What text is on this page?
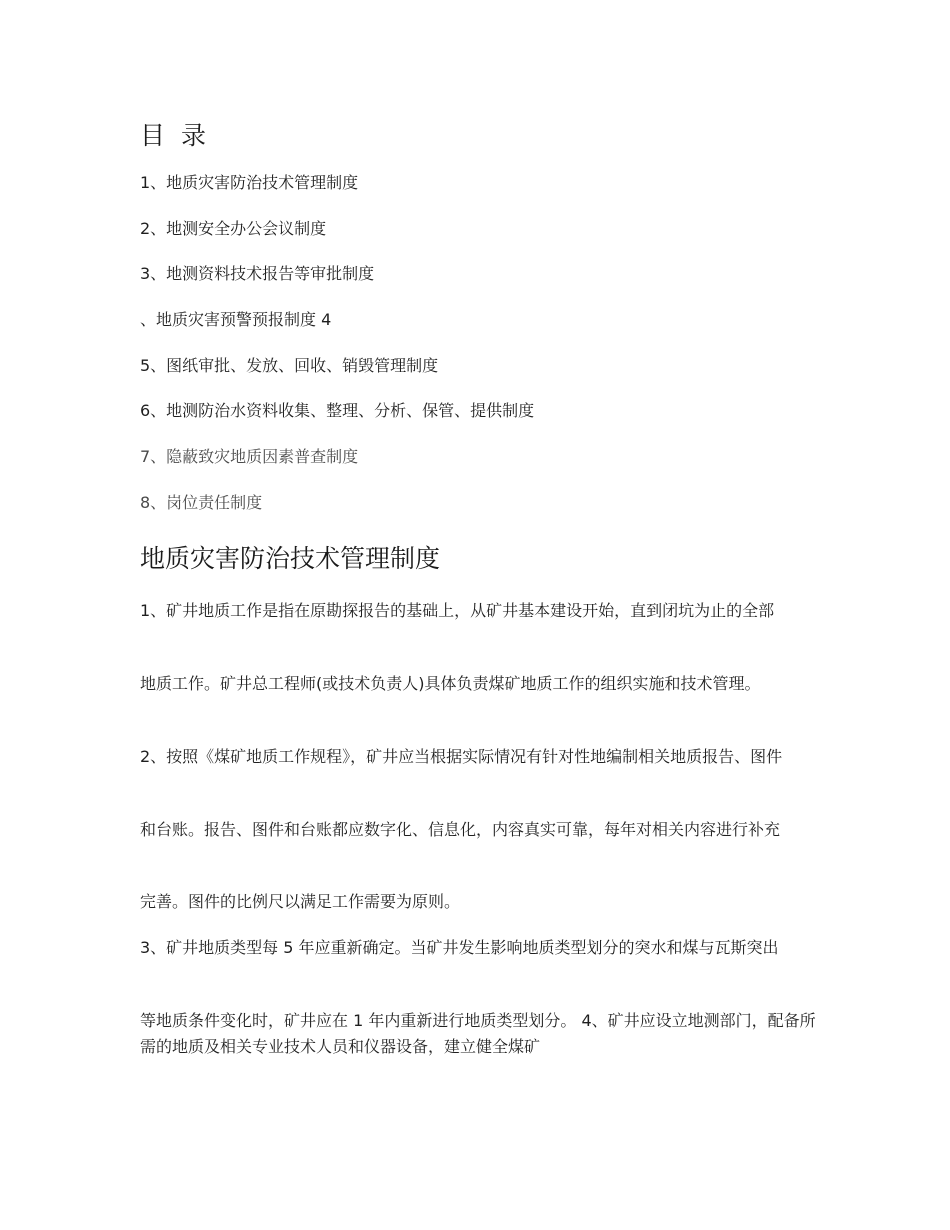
目 录
1、地质灾害防治技术管理制度
2、地测安全办公会议制度
3、地测资料技术报告等审批制度
、地质灾害预警预报制度 4
5、图纸审批、发放、回收、销毁管理制度
6、地测防治水资料收集、整理、分析、保管、提供制度
7、隐蔽致灾地质因素普查制度
8、岗位责任制度
地质灾害防治技术管理制度

1、矿井地质工作是指在原勘探报告的基础上，从矿井基本建设开始，直到闭坑为止的全部

地质工作。矿井总工程师(或技术负责人)具体负责煤矿地质工作的组织实施和技术管理。

2、按照《煤矿地质工作规程》，矿井应当根据实际情况有针对性地编制相关地质报告、图件

和台账。报告、图件和台账都应数字化、信息化，内容真实可靠，每年对相关内容进行补充

完善。图件的比例尺以满足工作需要为原则。

3、矿井地质类型每 5 年应重新确定。当矿井发生影响地质类型划分的突水和煤与瓦斯突出

等地质条件变化时，矿井应在 1 年内重新进行地质类型划分。 4、矿井应设立地测部门，配备所需的地质及相关专业技术人员和仪器设备，建立健全煤矿
